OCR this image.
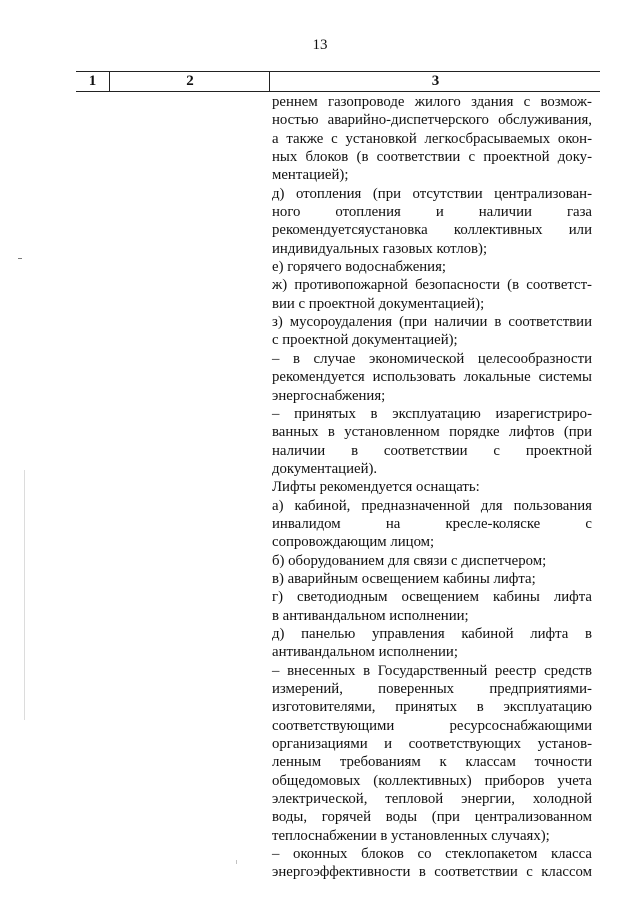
13
1	2	3
реннем газопроводе жилого здания с возмож-
ностью аварийно-диспетчерского обслуживания,
а также с установкой легкосбрасываемых окон-
ных блоков (в соответствии с проектной доку-
ментацией);
д) отопления (при отсутствии централизован-
ного отопления и наличии газа
рекомендуетсяустановка коллективных или
индивидуальных газовых котлов);
е) горячего водоснабжения;
ж) противопожарной безопасности (в соответст-
вии с проектной документацией);
з) мусороудаления (при наличии в соответствии
с проектной документацией);
– в случае экономической целесообразности
рекомендуется использовать локальные системы
энергоснабжения;
– принятых в эксплуатацию изарегистриро-
ванных в установленном порядке лифтов (при
наличии в соответствии с проектной
документацией).
Лифты рекомендуется оснащать:
а) кабиной, предназначенной для пользования
инвалидом на кресле-коляске с
сопровождающим лицом;
б) оборудованием для связи с диспетчером;
в) аварийным освещением кабины лифта;
г) светодиодным освещением кабины лифта
в антивандальном исполнении;
д) панелью управления кабиной лифта в
антивандальном исполнении;
– внесенных в Государственный реестр средств
измерений, поверенных предприятиями-
изготовителями, принятых в эксплуатацию
соответствующими ресурсоснабжающими
организациями и соответствующих установ-
ленным требованиям к классам точности
общедомовых (коллективных) приборов учета
электрической, тепловой энергии, холодной
воды, горячей воды (при централизованном
теплоснабжении в установленных случаях);
– оконных блоков со стеклопакетом класса
энергоэффективности в соответствии с классом
